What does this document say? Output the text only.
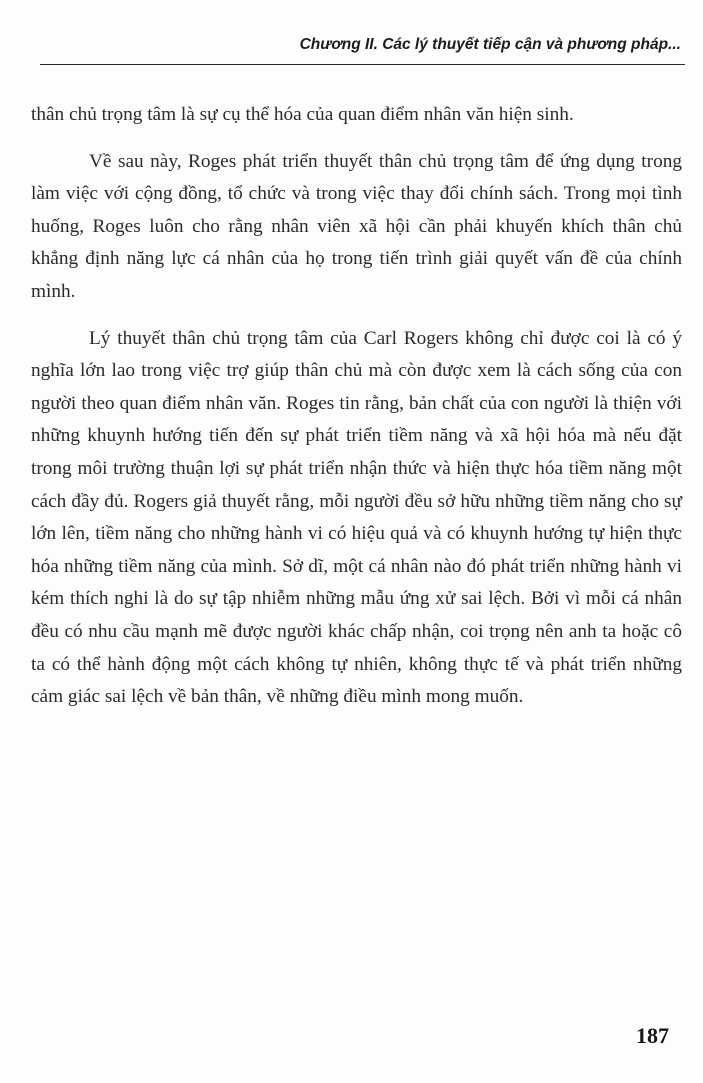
Chương II. Các lý thuyết tiếp cận và phương pháp...

thân chủ trọng tâm là sự cụ thể hóa của quan điểm nhân văn hiện sinh.

Về sau này, Roges phát triển thuyết thân chủ trọng tâm để ứng dụng trong làm việc với cộng đồng, tổ chức và trong việc thay đổi chính sách. Trong mọi tình huống, Roges luôn cho rằng nhân viên xã hội cần phải khuyến khích thân chủ khẳng định năng lực cá nhân của họ trong tiến trình giải quyết vấn đề của chính mình.

Lý thuyết thân chủ trọng tâm của Carl Rogers không chỉ được coi là có ý nghĩa lớn lao trong việc trợ giúp thân chủ mà còn được xem là cách sống của con người theo quan điểm nhân văn. Roges tin rằng, bản chất của con người là thiện với những khuynh hướng tiến đến sự phát triển tiềm năng và xã hội hóa mà nếu đặt trong môi trường thuận lợi sự phát triển nhận thức và hiện thực hóa tiềm năng một cách đầy đủ. Rogers giả thuyết rằng, mỗi người đều sở hữu những tiềm năng cho sự lớn lên, tiềm năng cho những hành vi có hiệu quả và có khuynh hướng tự hiện thực hóa những tiềm năng của mình. Sở dĩ, một cá nhân nào đó phát triển những hành vi kém thích nghi là do sự tập nhiễm những mẫu ứng xử sai lệch. Bởi vì mỗi cá nhân đều có nhu cầu mạnh mẽ được người khác chấp nhận, coi trọng nên anh ta hoặc cô ta có thể hành động một cách không tự nhiên, không thực tế và phát triển những cảm giác sai lệch về bản thân, về những điều mình mong muốn.

187
